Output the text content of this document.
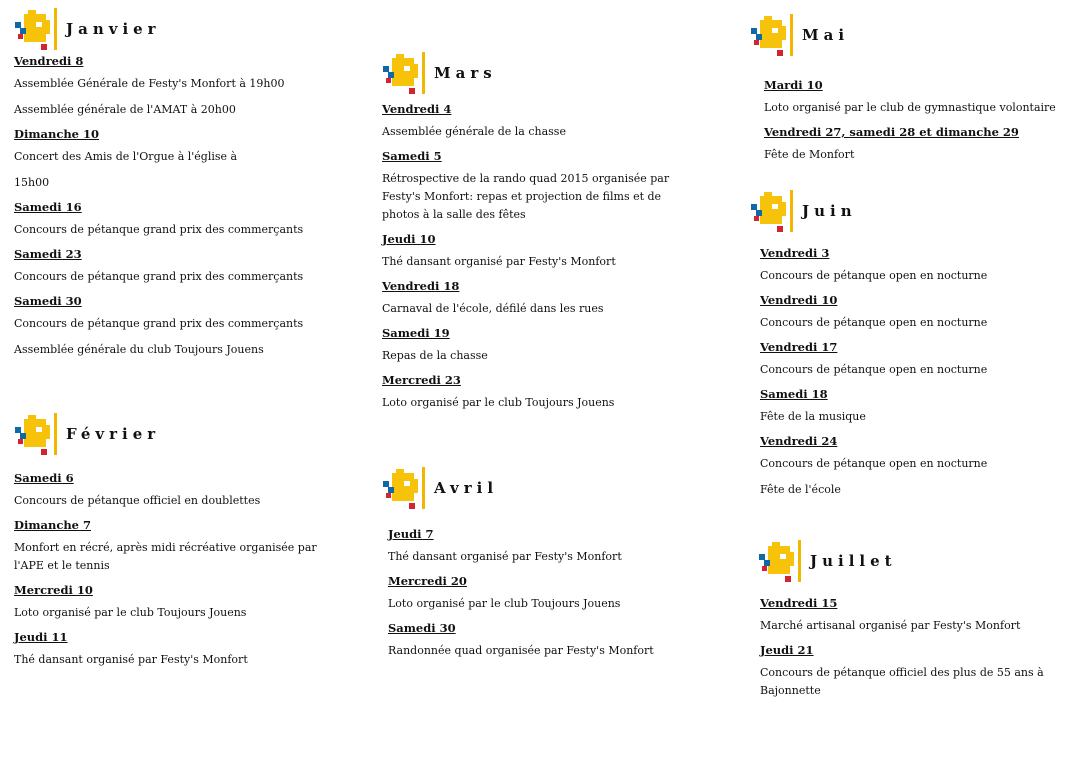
Janvier
Vendredi 8

Assemblée Générale de Festy's Monfort à 19h00

Assemblée générale de l'AMAT à 20h00

Dimanche 10

Concert des Amis de l'Orgue à l'église à

15h00

Samedi 16

Concours de pétanque grand prix des commerçants

Samedi 23

Concours de pétanque grand prix des commerçants

Samedi 30

Concours de pétanque grand prix des commerçants

Assemblée générale du club Toujours Jouens

Février
Samedi 6

Concours de pétanque officiel en doublettes

Dimanche 7

Monfort en récré, après midi récréative organisée par l'APE et le tennis

Mercredi 10

Loto organisé par le club Toujours Jouens

Jeudi 11

Thé dansant organisé par Festy's Monfort

Mars
Vendredi 4

Assemblée générale de la chasse

Samedi 5

Rétrospective de la rando quad 2015 organisée par Festy's Monfort: repas et projection de films et de photos à la salle des fêtes

Jeudi 10

Thé dansant organisé par Festy's Monfort

Vendredi 18

Carnaval de l'école, défilé dans les rues

Samedi 19

Repas de la chasse

Mercredi 23

Loto organisé par le club Toujours Jouens

Avril
Jeudi 7

Thé dansant organisé par Festy's Monfort

Mercredi 20

Loto organisé par le club Toujours Jouens

Samedi 30

Randonnée quad organisée par Festy's Monfort

Mai
Mardi 10

Loto organisé par le club de gymnastique volontaire

Vendredi 27, samedi 28 et dimanche 29

Fête de Monfort

Juin
Vendredi 3

Concours de pétanque open en nocturne

Vendredi 10

Concours de pétanque open en nocturne

Vendredi 17

Concours de pétanque open en nocturne

Samedi 18

Fête de la musique

Vendredi 24

Concours de pétanque open en nocturne

Fête de l'école

Juillet
Vendredi 15

Marché artisanal organisé par Festy's Monfort

Jeudi 21

Concours de pétanque officiel des plus de 55 ans à Bajonnette
